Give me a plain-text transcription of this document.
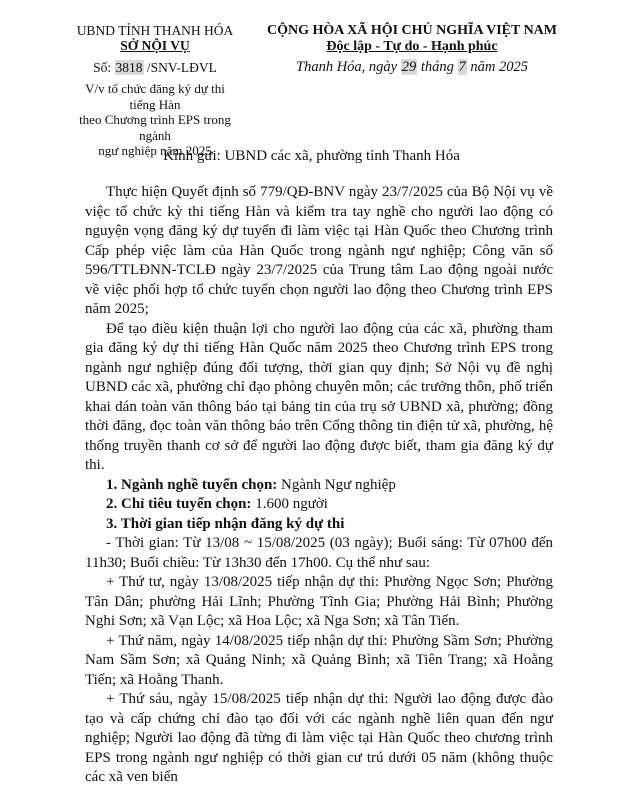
UBND TỈNH THANH HÓA
SỞ NỘI VỤ
Số: 3818 /SNV-LĐVL
V/v tổ chức đăng ký dự thi tiếng Hàn
theo Chương trình EPS trong ngành
ngư nghiệp năm 2025
CỘNG HÒA XÃ HỘI CHỦ NGHĨA VIỆT NAM
Độc lập - Tự do - Hạnh phúc
Thanh Hóa, ngày 29 tháng 7 năm 2025
Kính gửi: UBND các xã, phường tỉnh Thanh Hóa

Thực hiện Quyết định số 779/QĐ-BNV ngày 23/7/2025 của Bộ Nội vụ về việc tổ chức kỳ thi tiếng Hàn và kiểm tra tay nghề cho người lao động có nguyện vọng đăng ký dự tuyển đi làm việc tại Hàn Quốc theo Chương trình Cấp phép việc làm của Hàn Quốc trong ngành ngư nghiệp; Công văn số 596/TTLĐNN-TCLĐ ngày 23/7/2025 của Trung tâm Lao động ngoài nước về việc phối hợp tổ chức tuyển chọn người lao động theo Chương trình EPS năm 2025;

Để tạo điều kiện thuận lợi cho người lao động của các xã, phường tham gia đăng ký dự thi tiếng Hàn Quốc năm 2025 theo Chương trình EPS trong ngành ngư nghiệp đúng đối tượng, thời gian quy định; Sở Nội vụ đề nghị UBND các xã, phường chỉ đạo phòng chuyên môn; các trưởng thôn, phố triển khai dán toàn văn thông báo tại bảng tin của trụ sở UBND xã, phường; đồng thời đăng, đọc toàn văn thông báo trên Cổng thông tin điện tử xã, phường, hệ thống truyền thanh cơ sở để người lao động được biết, tham gia đăng ký dự thi.

1. Ngành nghề tuyển chọn: Ngành Ngư nghiệp

2. Chỉ tiêu tuyển chọn: 1.600 người

3. Thời gian tiếp nhận đăng ký dự thi

- Thời gian: Từ 13/08 ~ 15/08/2025 (03 ngày); Buổi sáng: Từ 07h00 đến 11h30; Buổi chiều: Từ 13h30 đến 17h00. Cụ thể như sau:

+ Thứ tư, ngày 13/08/2025 tiếp nhận dự thi: Phường Ngọc Sơn; Phường Tân Dân; phường Hải Lĩnh; Phường Tĩnh Gia; Phường Hải Bình; Phường Nghi Sơn; xã Vạn Lộc; xã Hoa Lộc; xã Nga Sơn; xã Tân Tiến.

+ Thứ năm, ngày 14/08/2025 tiếp nhận dự thi: Phường Sầm Sơn; Phường Nam Sầm Sơn; xã Quảng Ninh; xã Quảng Bình; xã Tiên Trang; xã Hoằng Tiến; xã Hoằng Thanh.

+ Thứ sáu, ngày 15/08/2025 tiếp nhận dự thi: Người lao động được đào tạo và cấp chứng chỉ đào tạo đối với các ngành nghề liên quan đến ngư nghiệp; Người lao động đã từng đi làm việc tại Hàn Quốc theo chương trình EPS trong ngành ngư nghiệp có thời gian cư trú dưới 05 năm (không thuộc các xã ven biển
